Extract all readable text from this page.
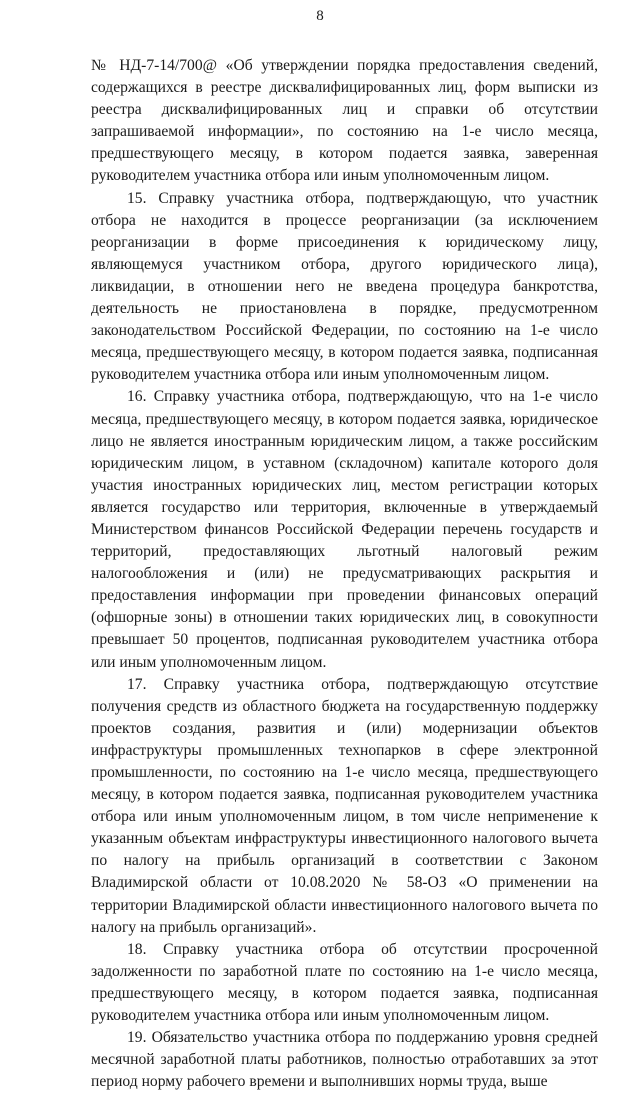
8

№ НД-7-14/700@ «Об утверждении порядка предоставления сведений, содержащихся в реестре дисквалифицированных лиц, форм выписки из реестра дисквалифицированных лиц и справки об отсутствии запрашиваемой информации», по состоянию на 1-е число месяца, предшествующего месяцу, в котором подается заявка, заверенная руководителем участника отбора или иным уполномоченным лицом.

15. Справку участника отбора, подтверждающую, что участник отбора не находится в процессе реорганизации (за исключением реорганизации в форме присоединения к юридическому лицу, являющемуся участником отбора, другого юридического лица), ликвидации, в отношении него не введена процедура банкротства, деятельность не приостановлена в порядке, предусмотренном законодательством Российской Федерации, по состоянию на 1-е число месяца, предшествующего месяцу, в котором подается заявка, подписанная руководителем участника отбора или иным уполномоченным лицом.

16. Справку участника отбора, подтверждающую, что на 1-е число месяца, предшествующего месяцу, в котором подается заявка, юридическое лицо не является иностранным юридическим лицом, а также российским юридическим лицом, в уставном (складочном) капитале которого доля участия иностранных юридических лиц, местом регистрации которых является государство или территория, включенные в утверждаемый Министерством финансов Российской Федерации перечень государств и территорий, предоставляющих льготный налоговый режим налогообложения и (или) не предусматривающих раскрытия и предоставления информации при проведении финансовых операций (офшорные зоны) в отношении таких юридических лиц, в совокупности превышает 50 процентов, подписанная руководителем участника отбора или иным уполномоченным лицом.

17. Справку участника отбора, подтверждающую отсутствие получения средств из областного бюджета на государственную поддержку проектов создания, развития и (или) модернизации объектов инфраструктуры промышленных технопарков в сфере электронной промышленности, по состоянию на 1-е число месяца, предшествующего месяцу, в котором подается заявка, подписанная руководителем участника отбора или иным уполномоченным лицом, в том числе неприменение к указанным объектам инфраструктуры инвестиционного налогового вычета по налогу на прибыль организаций в соответствии с Законом Владимирской области от 10.08.2020 № 58-ОЗ «О применении на территории Владимирской области инвестиционного налогового вычета по налогу на прибыль организаций».

18. Справку участника отбора об отсутствии просроченной задолженности по заработной плате по состоянию на 1-е число месяца, предшествующего месяцу, в котором подается заявка, подписанная руководителем участника отбора или иным уполномоченным лицом.

19. Обязательство участника отбора по поддержанию уровня средней месячной заработной платы работников, полностью отработавших за этот период норму рабочего времени и выполнивших нормы труда, выше
